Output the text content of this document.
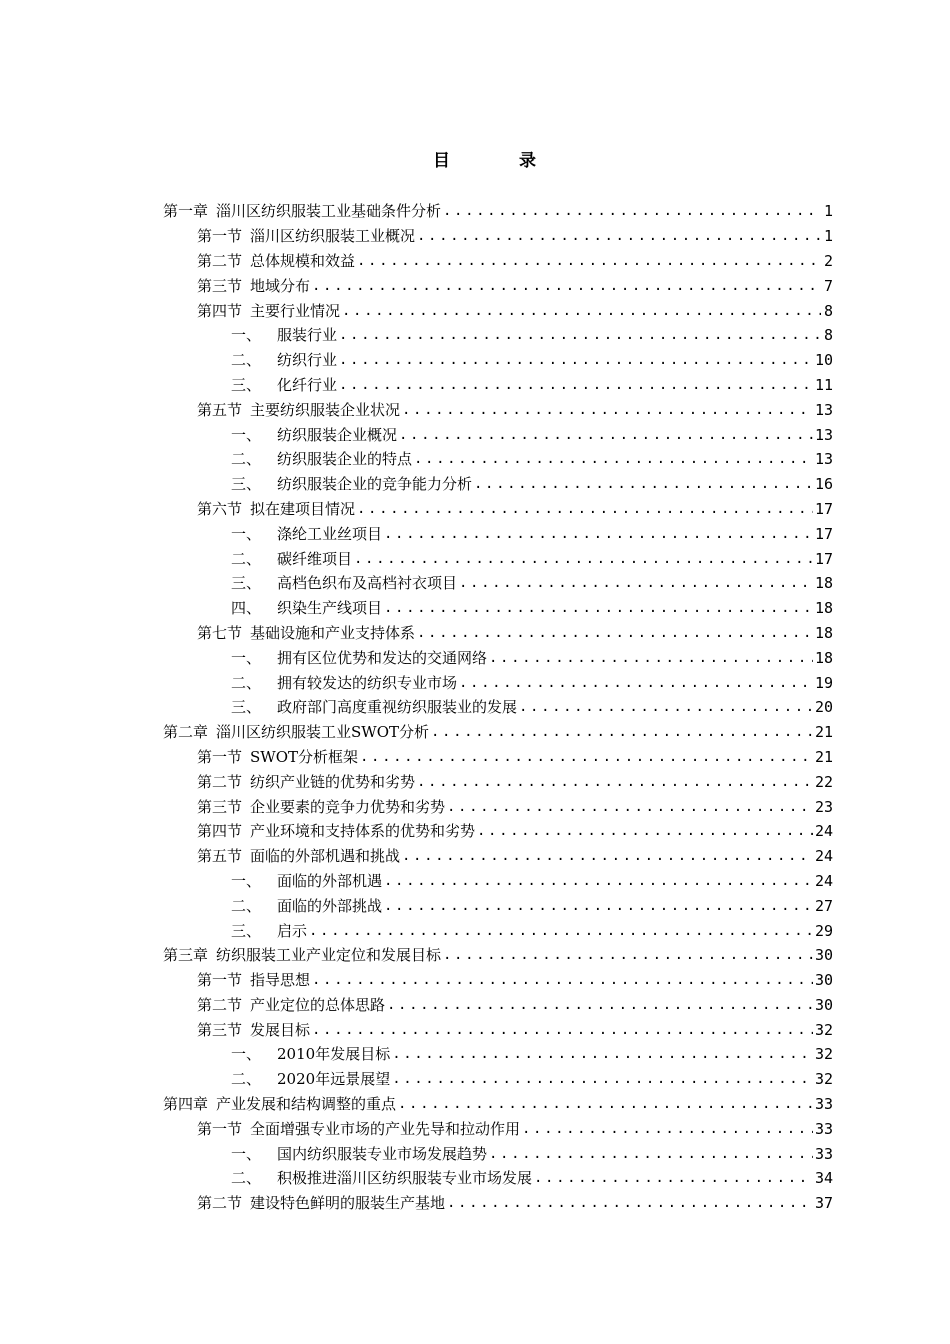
目　录
第一章 淄川区纺织服装工业基础条件分析 .....	1
第一节 淄川区纺织服装工业概况 .....	1
第二节 总体规模和效益 .....	2
第三节 地域分布 .....	7
第四节 主要行业情况 .....	8
一、 服装行业 .....	8
二、 纺织行业 .....	10
三、 化纤行业 .....	11
第五节 主要纺织服装企业状况 .....	13
一、 纺织服装企业概况 .....	13
二、 纺织服装企业的特点 .....	13
三、 纺织服装企业的竞争能力分析 .....	16
第六节 拟在建项目情况 .....	17
一、 涤纶工业丝项目 .....	17
二、 碳纤维项目 .....	17
三、 高档色织布及高档衬衣项目 .....	18
四、 织染生产线项目 .....	18
第七节 基础设施和产业支持体系 .....	18
一、 拥有区位优势和发达的交通网络 .....	18
二、 拥有较发达的纺织专业市场 .....	19
三、 政府部门高度重视纺织服装业的发展 .....	20
第二章 淄川区纺织服装工业SWOT分析 .....	21
第一节 SWOT分析框架 .....	21
第二节 纺织产业链的优势和劣势 .....	22
第三节 企业要素的竞争力优势和劣势 .....	23
第四节 产业环境和支持体系的优势和劣势 .....	24
第五节 面临的外部机遇和挑战 .....	24
一、 面临的外部机遇 .....	24
二、 面临的外部挑战 .....	27
三、 启示 .....	29
第三章 纺织服装工业产业定位和发展目标 .....	30
第一节 指导思想 .....	30
第二节 产业定位的总体思路 .....	30
第三节 发展目标 .....	32
一、 2010年发展目标 .....	32
二、 2020年远景展望 .....	32
第四章 产业发展和结构调整的重点 .....	33
第一节 全面增强专业市场的产业先导和拉动作用 .....	33
一、 国内纺织服装专业市场发展趋势 .....	33
二、 积极推进淄川区纺织服装专业市场发展 .....	34
第二节 建设特色鲜明的服装生产基地 .....	37
